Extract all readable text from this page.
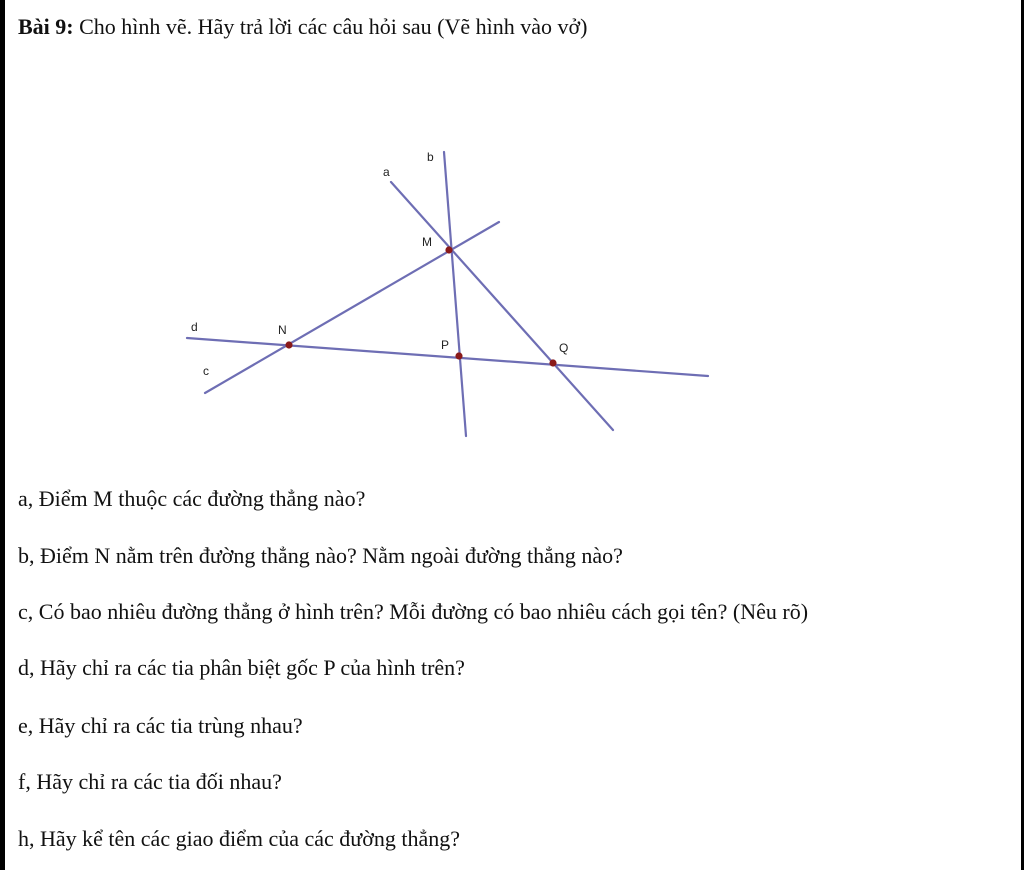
Bài 9: Cho hình vẽ. Hãy trả lời các câu hỏi sau (Vẽ hình vào vở)
a
b
c
d
M
N
P	Q
a, Điểm M thuộc các đường thẳng nào?
b, Điểm N nằm trên đường thẳng nào? Nằm ngoài đường thẳng nào?
c, Có bao nhiêu đường thẳng ở hình trên? Mỗi đường có bao nhiêu cách gọi tên? (Nêu rõ)
d, Hãy chỉ ra các tia phân biệt gốc P của hình trên?
e, Hãy chỉ ra các tia trùng nhau?
f, Hãy chỉ ra các tia đối nhau?
h, Hãy kể tên các giao điểm của các đường thẳng?
